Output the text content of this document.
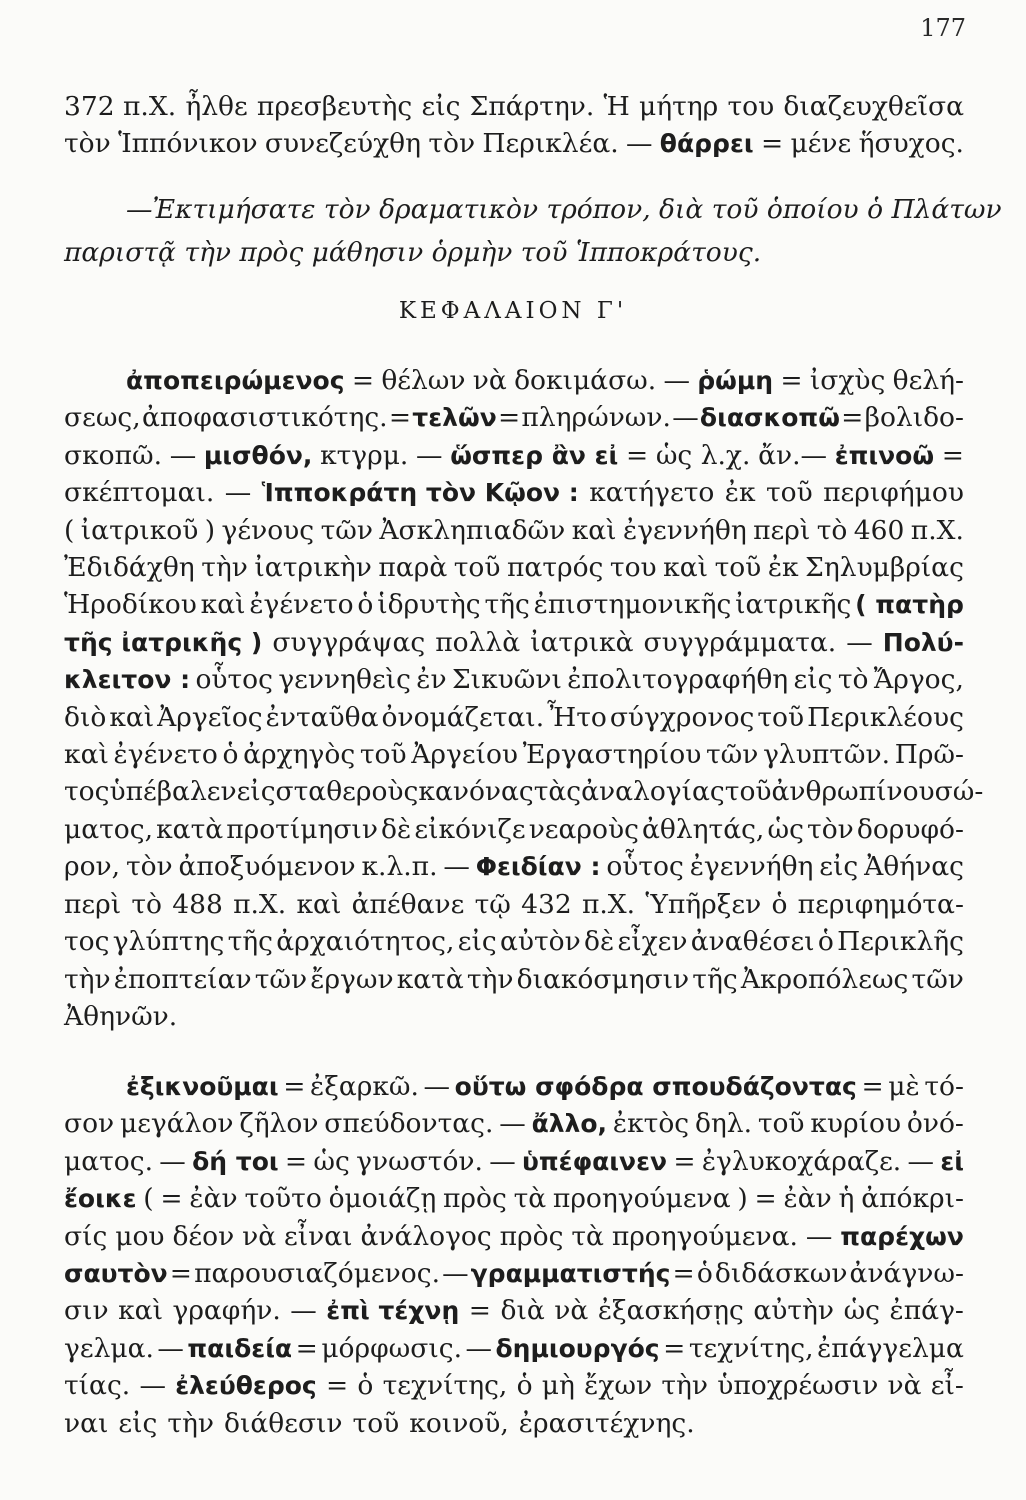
177
372 π.Χ. ἦλθε πρεσβευτὴς εἰς Σπάρτην. Ἡ μήτηρ του διαζευχθεῖσα
τὸν Ἱππόνικον συνεζεύχθη τὸν Περικλέα. — θάρρει = μένε ἥσυχος.
—Ἐκτιμήσατε τὸν δραματικὸν τρόπον, διὰ τοῦ ὁποίου ὁ Πλάτων
παριστᾷ τὴν πρὸς μάθησιν ὁρμὴν τοῦ Ἱπποκράτους.
ΚΕΦΑΛΑΙΟΝ Γ'
ἀποπειρώμενος = θέλων νὰ δοκιμάσω. — ῥώμη = ἰσχὺς θελή-
σεως, ἀποφασιστικότης. = τελῶν = πληρώνων. — διασκοπῶ = βολιδο-
σκοπῶ. — μισθόν, κτγρμ. — ὥσπερ ἂν εἰ = ὡς λ.χ. ἄν.— ἐπινοῶ =
σκέπτομαι. — Ἱπποκράτη τὸν Κῷον : κατήγετο ἐκ τοῦ περιφήμου
( ἰατρικοῦ ) γένους τῶν Ἀσκληπιαδῶν καὶ ἐγεννήθη περὶ τὸ 460 π.Χ.
Ἐδιδάχθη τὴν ἰατρικὴν παρὰ τοῦ πατρός του καὶ τοῦ ἐκ Σηλυμβρίας
Ἡροδίκου καὶ ἐγένετο ὁ ἱδρυτὴς τῆς ἐπιστημονικῆς ἰατρικῆς ( πατὴρ
τῆς ἰατρικῆς ) συγγράψας πολλὰ ἰατρικὰ συγγράμματα. — Πολύ-
κλειτον : οὗτος γεννηθεὶς ἐν Σικυῶνι ἐπολιτογραφήθη εἰς τὸ Ἄργος,
διὸ καὶ Ἀργεῖος ἐνταῦθα ὀνομάζεται. Ἦτο σύγχρονος τοῦ Περικλέους
καὶ ἐγένετο ὁ ἀρχηγὸς τοῦ Ἀργείου Ἐργαστηρίου τῶν γλυπτῶν. Πρῶ-
τος ὑπέβαλεν εἰς σταθεροὺς κανόνας τὰς ἀναλογίας τοῦ ἀνθρωπίνου σώ-
ματος, κατὰ προτίμησιν δὲ εἰκόνιζε νεαροὺς ἀθλητάς, ὡς τὸν δορυφό-
ρον, τὸν ἀποξυόμενον κ.λ.π. — Φειδίαν : οὗτος ἐγεννήθη εἰς Ἀθήνας
περὶ τὸ 488 π.Χ. καὶ ἀπέθανε τῷ 432 π.Χ. Ὑπῆρξεν ὁ περιφημότα-
τος γλύπτης τῆς ἀρχαιότητος, εἰς αὐτὸν δὲ εἶχεν ἀναθέσει ὁ Περικλῆς
τὴν ἐποπτείαν τῶν ἔργων κατὰ τὴν διακόσμησιν τῆς Ἀκροπόλεως τῶν
Ἀθηνῶν.
ἐξικνοῦμαι = ἐξαρκῶ. — οὕτω σφόδρα σπουδάζοντας = μὲ τό-
σον μεγάλον ζῆλον σπεύδοντας. — ἄλλο, ἐκτὸς δηλ. τοῦ κυρίου ὀνό-
ματος. — δή τοι = ὡς γνωστόν. — ὑπέφαινεν = ἐγλυκοχάραζε. — εἰ
ἔοικε ( = ἐὰν τοῦτο ὁμοιάζῃ πρὸς τὰ προηγούμενα ) = ἐὰν ἡ ἀπόκρι-
σίς μου δέον νὰ εἶναι ἀνάλογος πρὸς τὰ προηγούμενα. — παρέχων
σαυτὸν = παρουσιαζόμενος. — γραμματιστής = ὁ διδάσκων ἀνάγνω-
σιν καὶ γραφήν. — ἐπὶ τέχνῃ = διὰ νὰ ἐξασκήσῃς αὐτὴν ὡς ἐπάγ-
γελμα. — παιδεία = μόρφωσις. — δημιουργός = τεχνίτης, ἐπάγγελμα
τίας. — ἐλεύθερος = ὁ τεχνίτης, ὁ μὴ ἔχων τὴν ὑποχρέωσιν νὰ εἶ-
ναι εἰς τὴν διάθεσιν τοῦ κοινοῦ, ἐρασιτέχνης.
